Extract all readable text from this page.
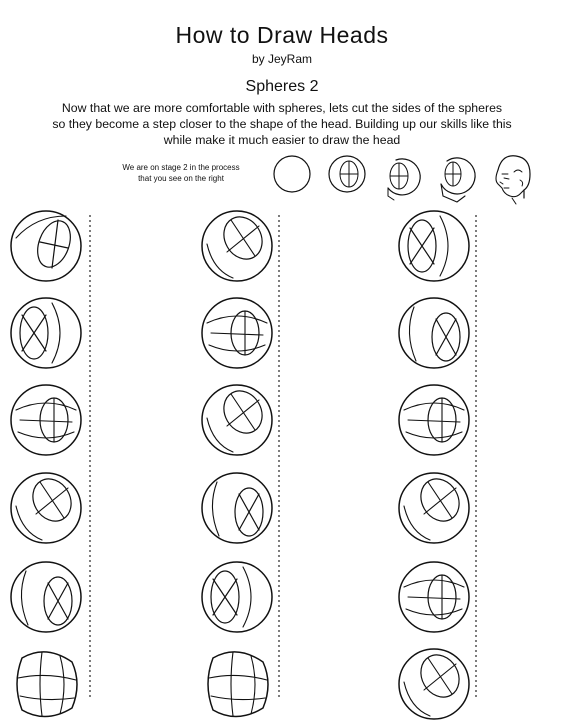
How to Draw Heads
by JeyRam
Spheres 2
Now that we are more comfortable with spheres, lets cut the sides of the spheres
so they become a step closer to the shape of the head. Building up our skills like this
while make it much easier to draw the head
We are on stage 2 in the process
that you see on the right
